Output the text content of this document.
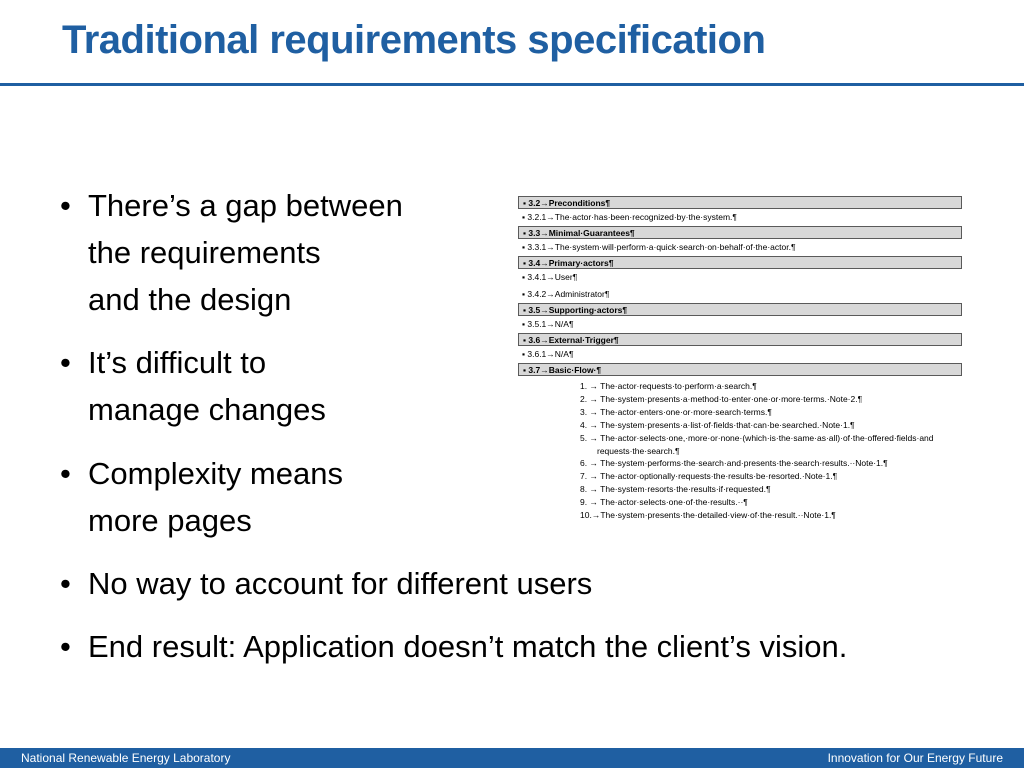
Traditional requirements specification
• There’s a gap between
the requirements
and the design
• It’s difficult to
manage changes
• Complexity means
more pages
• No way to account for different users
• End result: Application doesn’t match the client’s vision.
▪ 3.2→Preconditions¶
▪ 3.2.1→The·actor·has·been·recognized·by·the·system.¶
▪ 3.3→Minimal·Guarantees¶
▪ 3.3.1→The·system·will·perform·a·quick·search·on·behalf·of·the·actor.¶
▪ 3.4→Primary·actors¶
▪ 3.4.1→User¶
▪ 3.4.2→Administrator¶
▪ 3.5→Supporting·actors¶
▪ 3.5.1→N/A¶
▪ 3.6→External·Trigger¶
▪ 3.6.1→N/A¶
▪ 3.7→Basic·Flow·¶
1. → The·actor·requests·to·perform·a·search.¶
2. → The·system·presents·a·method·to·enter·one·or·more·terms.·Note·2.¶
3. → The·actor·enters·one·or·more·search·terms.¶
4. → The·system·presents·a·list·of·fields·that·can·be·searched.·Note·1.¶
5. → The·actor·selects·one,·more·or·none·(which·is·the·same·as·all)·of·the·offered·fields·and
requests·the·search.¶
6. → The·system·performs·the·search·and·presents·the·search·results.··Note·1.¶
7. → The·actor·optionally·requests·the·results·be·resorted.·Note·1.¶
8. → The·system·resorts·the·results·if·requested.¶
9. → The·actor·selects·one·of·the·results.··¶
10.→The·system·presents·the·detailed·view·of·the·result.··Note·1.¶
National Renewable Energy Laboratory	Innovation for Our Energy Future
